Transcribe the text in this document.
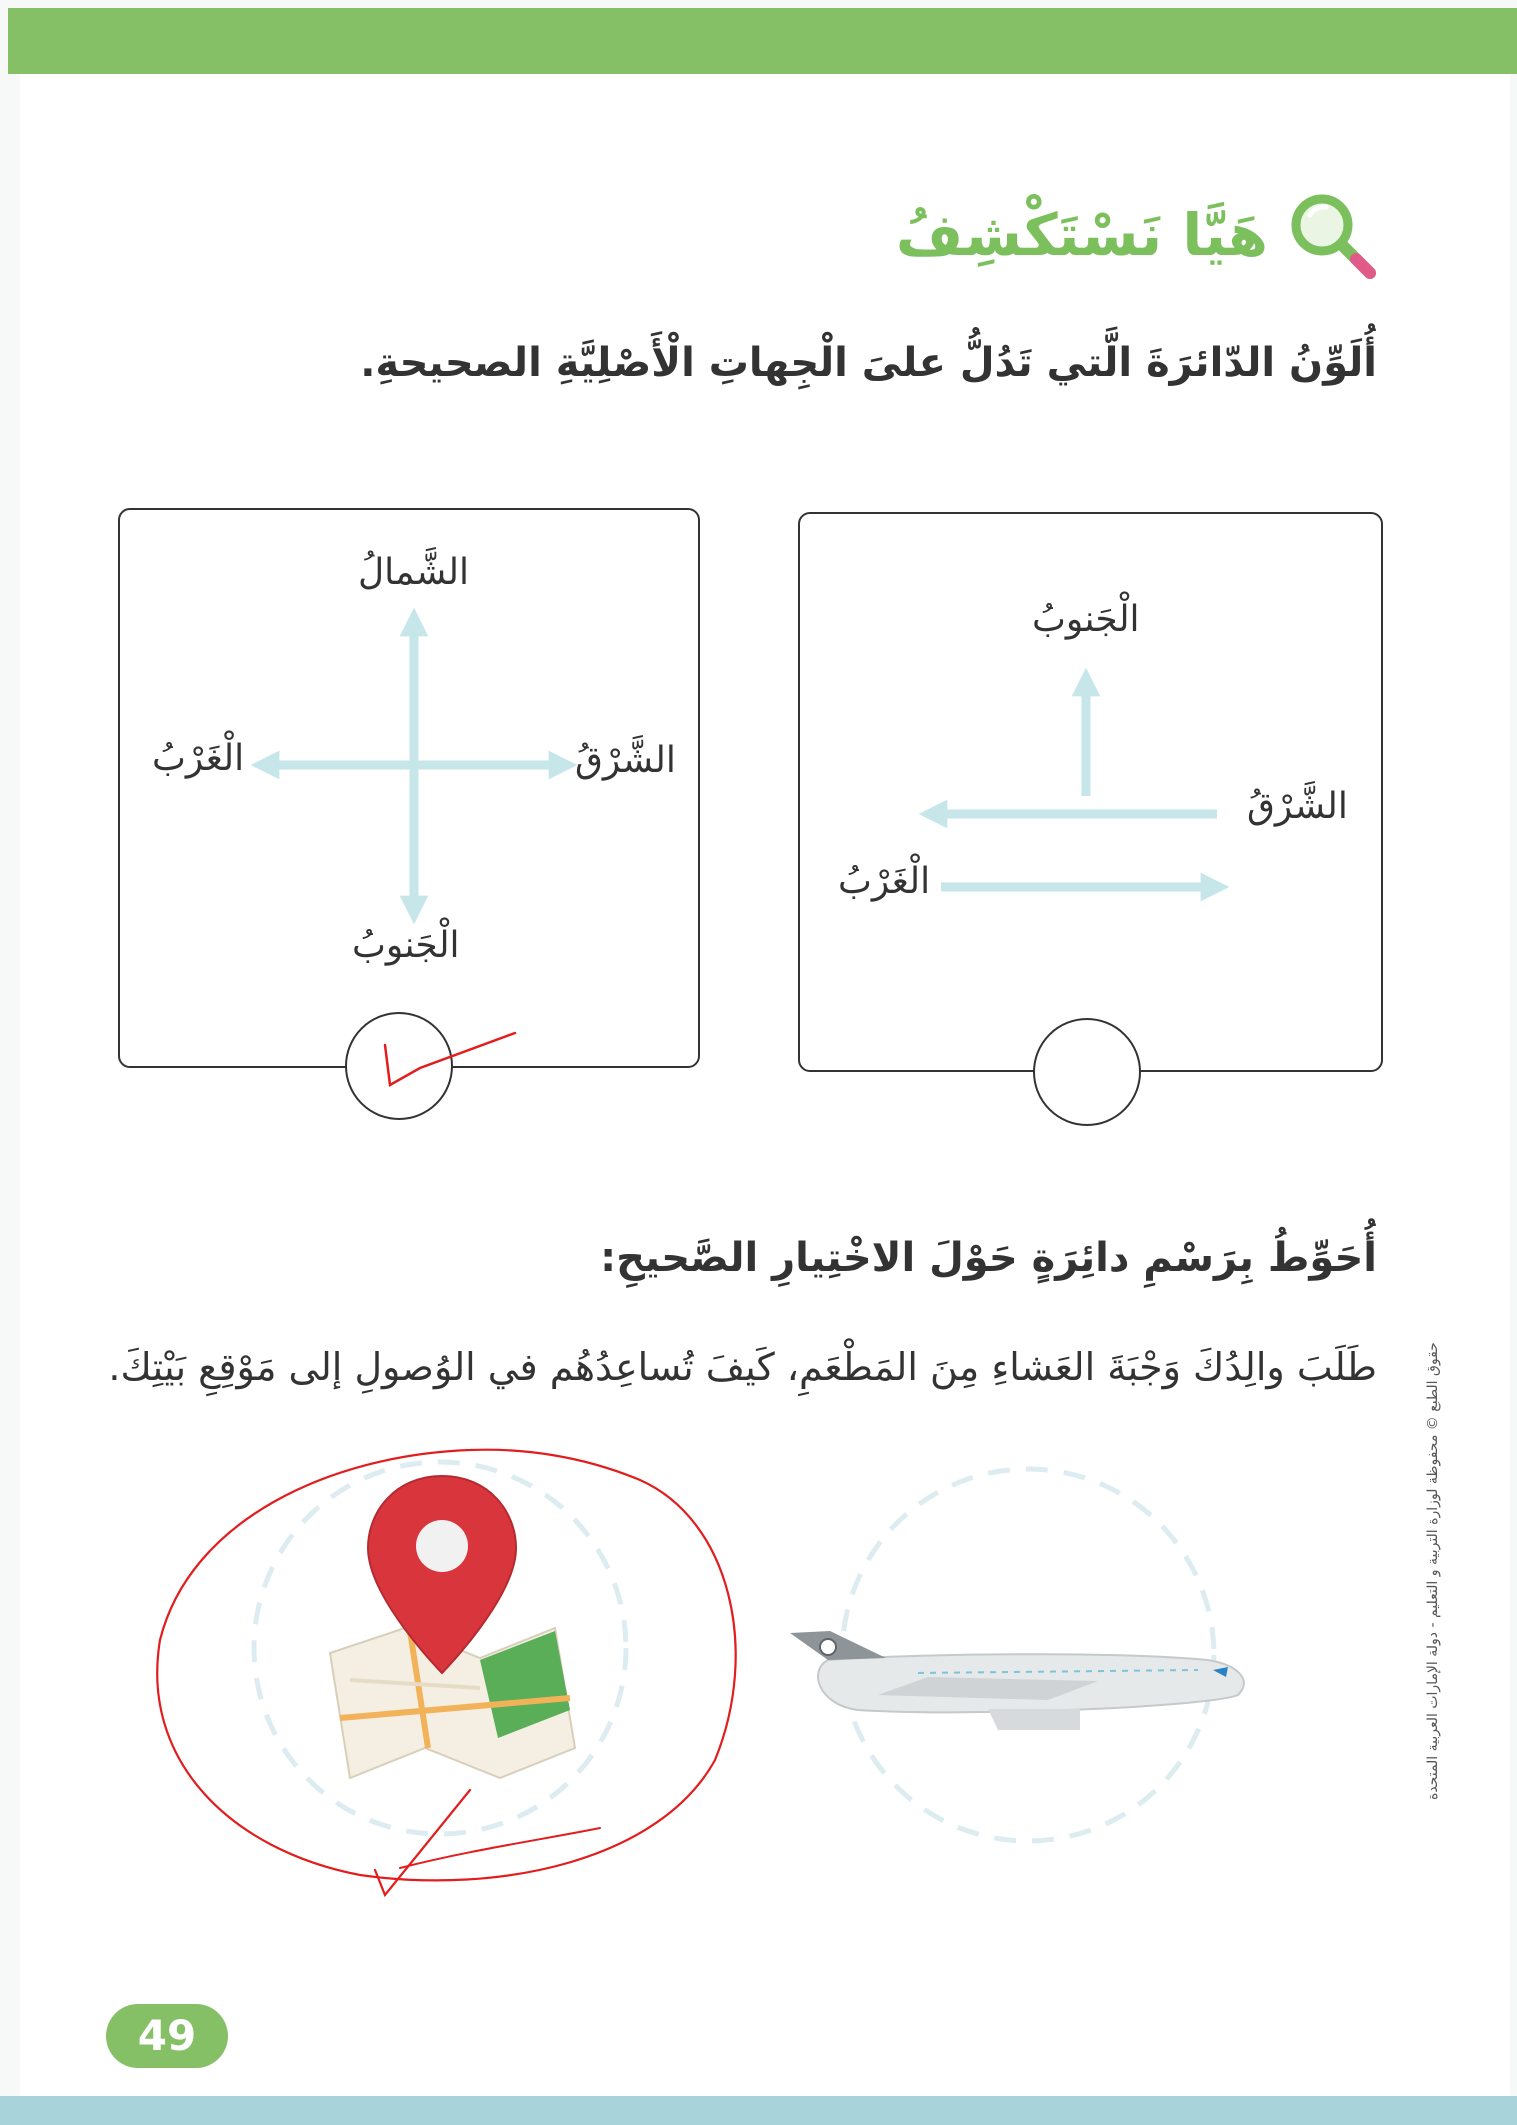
هَيَّا نَسْتَكْشِفُ
أُلَوِّنُ الدّائرَةَ الَّتي تَدُلُّ علىَ الْجِهاتِ الْأَصْلِيَّةِ الصحيحةِ.
الشَّمالُ
الشَّرْقُ
الْغَرْبُ
الْجَنوبُ
الْجَنوبُ
الشَّرْقُ
الْغَرْبُ
أُحَوِّطُ بِرَسْمِ دائِرَةٍ حَوْلَ الاخْتِيارِ الصَّحيحِ:
طَلَبَ والِدُكَ وَجْبَةَ العَشاءِ مِنَ المَطْعَمِ، كَيفَ تُساعِدُهُم في الوُصولِ إلى مَوْقِعِ بَيْتِكَ.	حقوق الطبع © محفوظة لوزارة التربية و التعليم - دولة الإمارات العربية المتحدة
49
